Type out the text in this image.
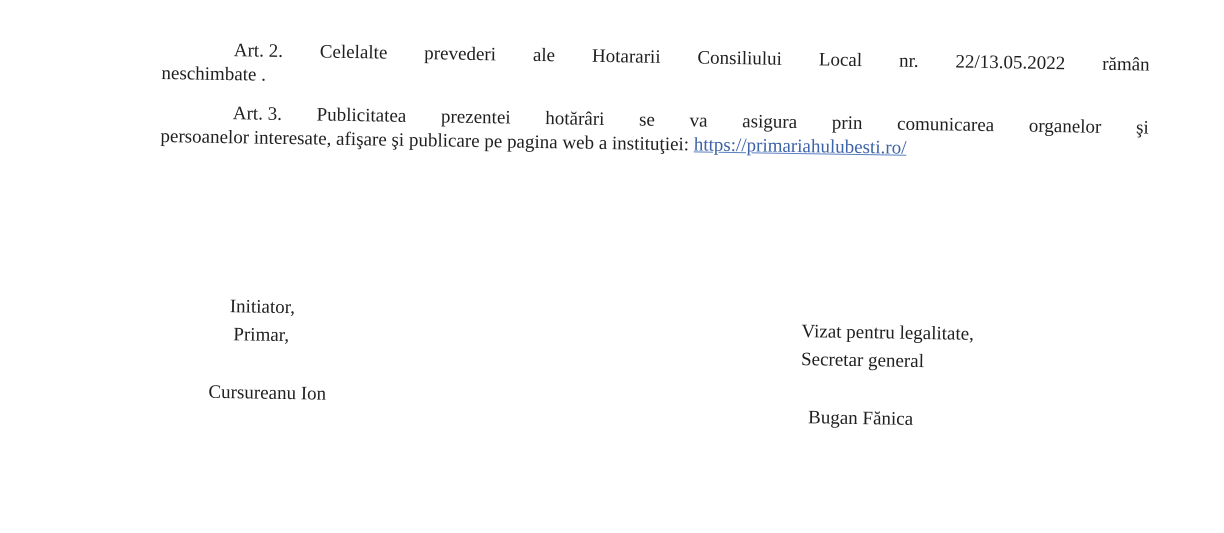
Art. 2. Celelalte prevederi ale Hotararii Consiliului Local nr. 22/13.05.2022 rămân
neschimbate .
Art. 3. Publicitatea prezentei hotărâri se va asigura prin comunicarea organelor şi
persoanelor interesate, afişare şi publicare pe pagina web a instituţiei: https://primariahulubesti.ro/
Initiator,
Primar,
Cursureanu Ion
Vizat pentru legalitate,
Secretar general
Bugan Fănica
